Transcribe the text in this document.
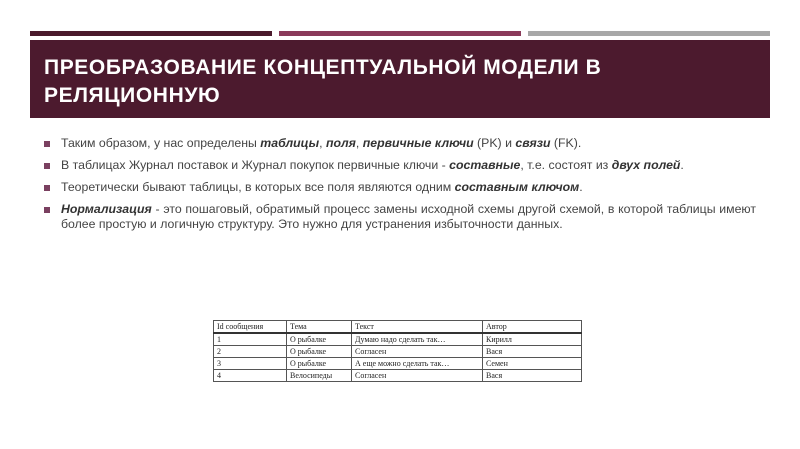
ПРЕОБРАЗОВАНИЕ КОНЦЕПТУАЛЬНОЙ МОДЕЛИ В РЕЛЯЦИОННУЮ
Таким образом, у нас определены таблицы, поля, первичные ключи (PK) и связи (FK).
В таблицах Журнал поставок и Журнал покупок первичные ключи - составные, т.е. состоят из двух полей.
Теоретически бывают таблицы, в которых все поля являются одним составным ключом.
Нормализация - это пошаговый, обратимый процесс замены исходной схемы другой схемой, в которой таблицы имеют более простую и логичную структуру. Это нужно для устранения избыточности данных.
Id сообщения	Тема	Текст	Автор
1	О рыбалке	Думаю надо сделать так…	Кирилл
2	О рыбалке	Согласен	Вася
3	О рыбалке	А еще можно сделать так…	Семен
4	Велосипеды	Согласен	Вася
